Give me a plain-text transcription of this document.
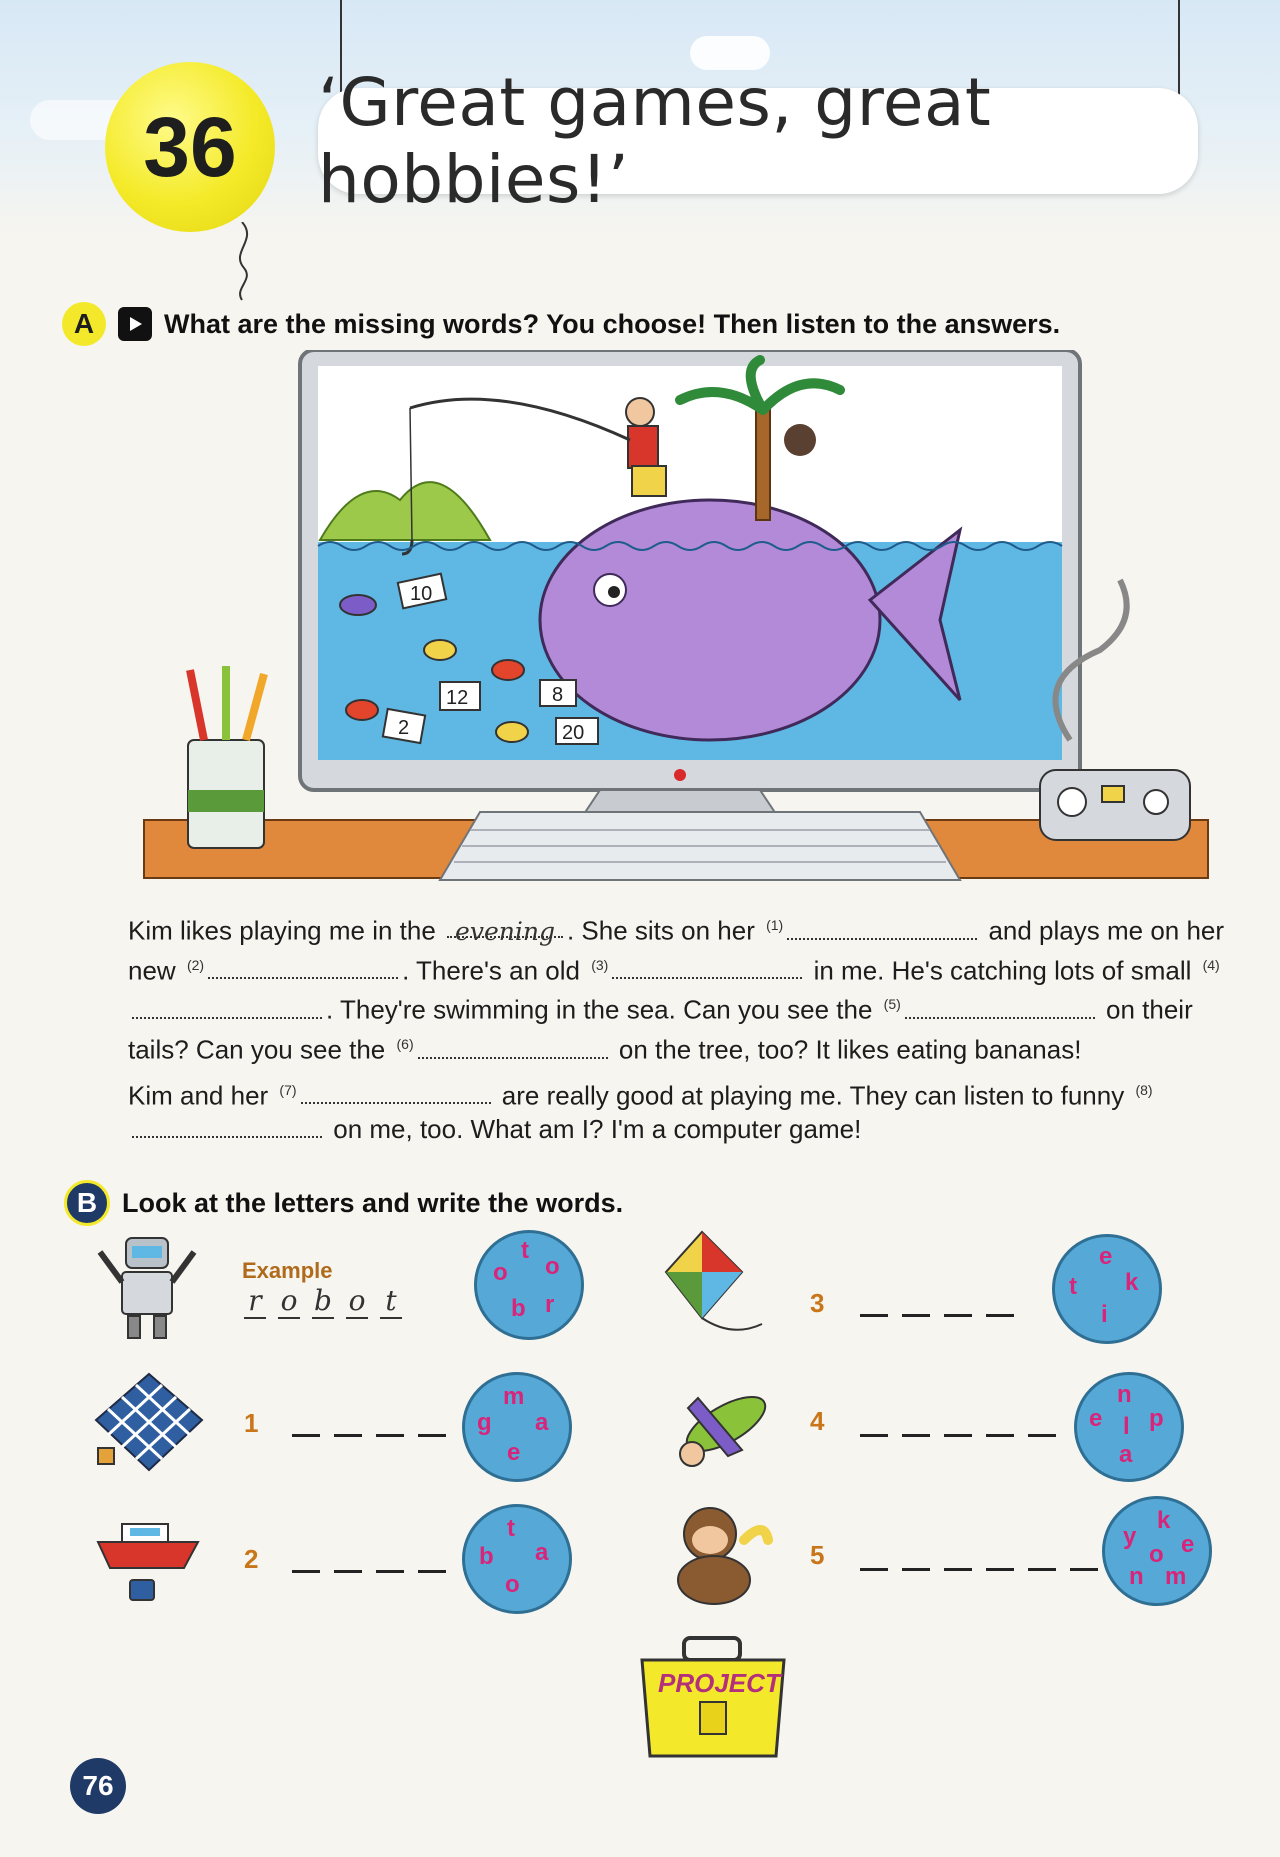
36 ‘Great games, great hobbies!’
A	What are the missing words? You choose! Then listen to the answers.
10
12	8
2	20

Kim likes playing me in the evening . She sits on her $^{(1)}$	and plays me on her new $^{(2)}$	. There's an old $^{(3)}$	in me. He's catching lots of small $^{(4)}$. They're swimming in the sea. Can you see the $^{(5)}$	on their tails? Can you see the $^{(6)}$	on the tree, too? It likes eating bananas!

Kim and her $^{(7)}$	are really good at playing me. They can listen to funny $^{(8)}$ on me, too. What am I? I'm a computer game!

B Look at the letters and write the words.
Example
r o b o t
t
o o
b r
1
m
g a
e
2
t
b a
o
3
e
t k
i
4
n
e l p
a
5
k
y e
o
n m
PROJECT
76
